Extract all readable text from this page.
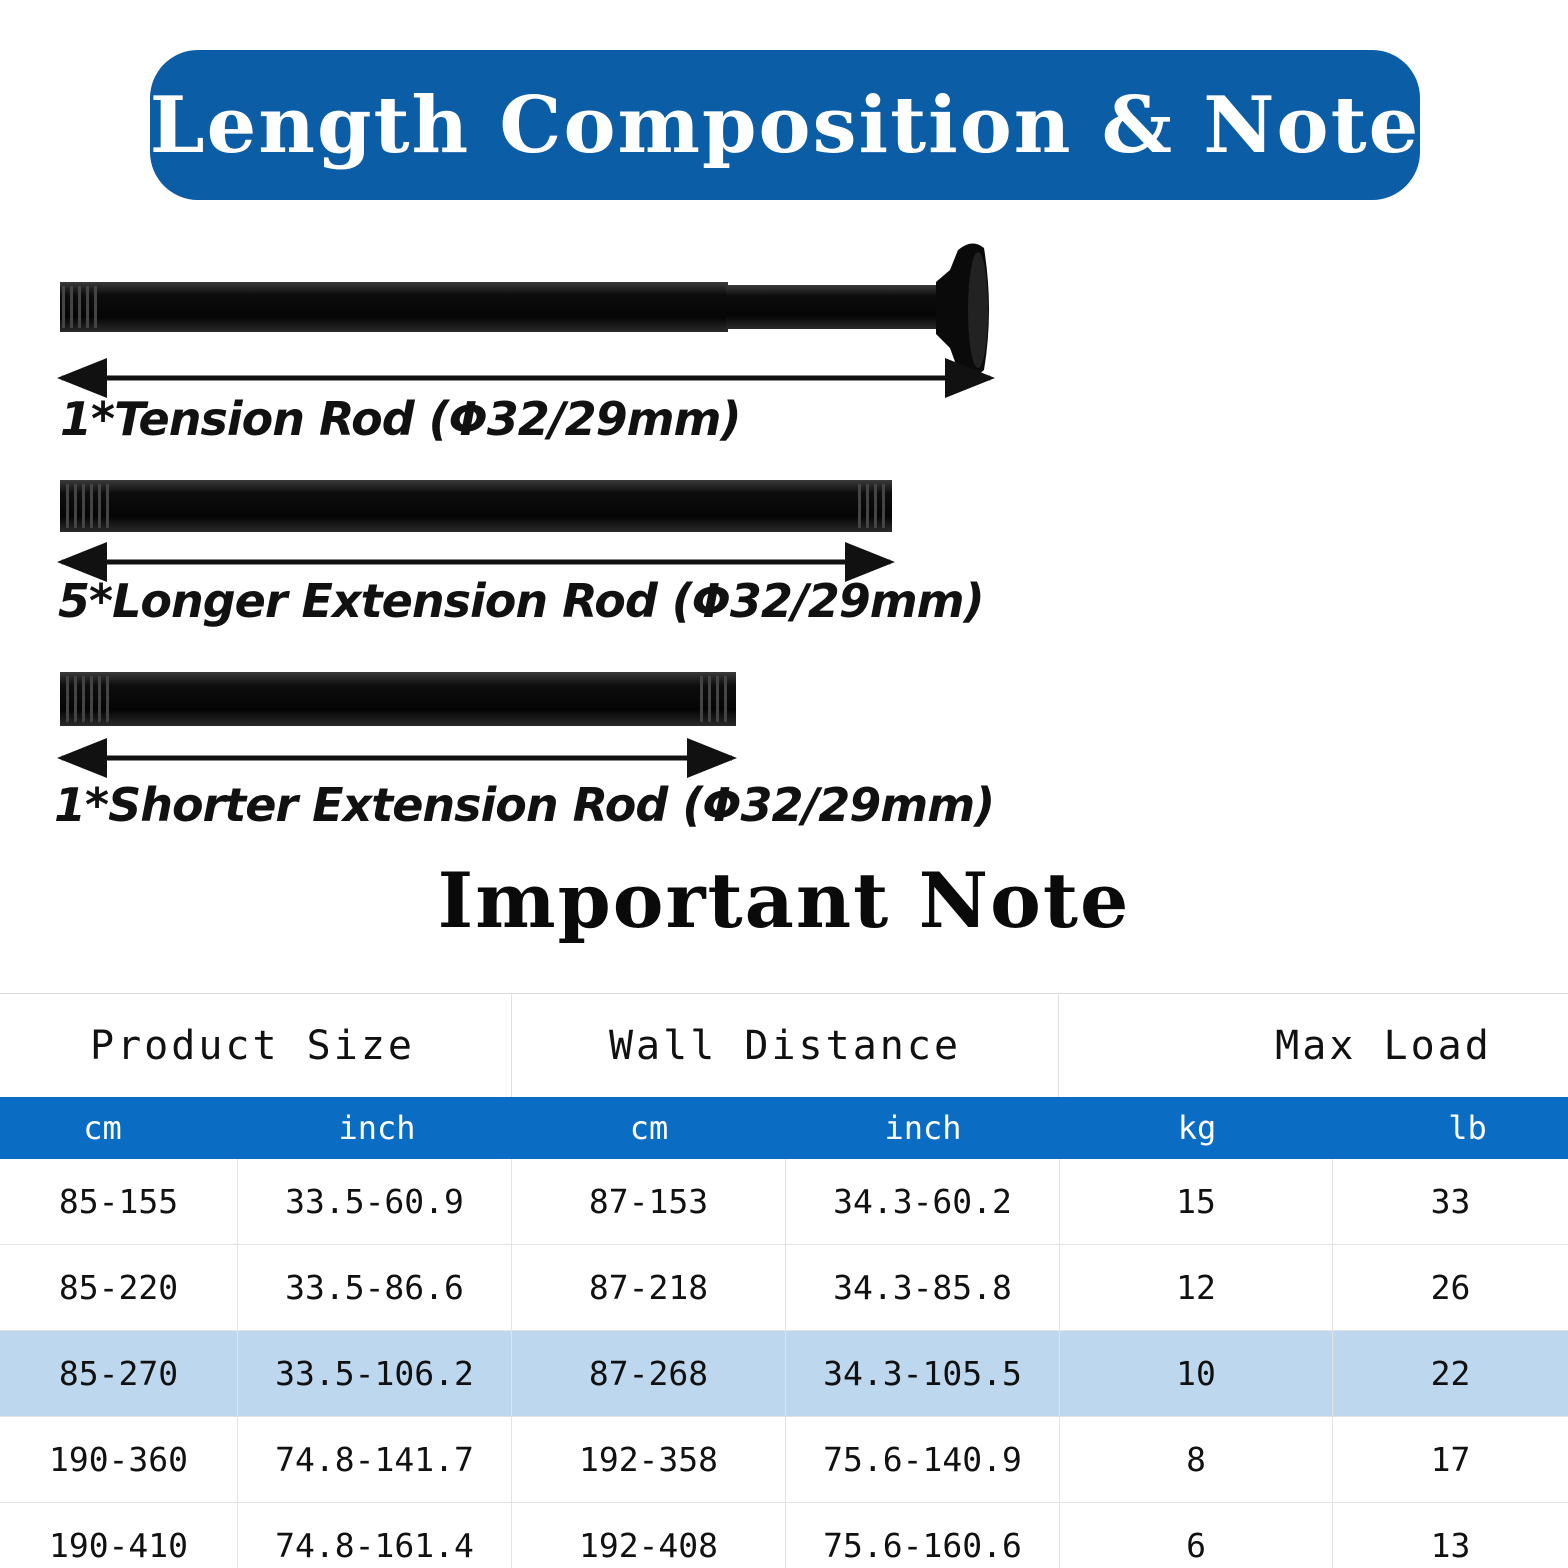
Length Composition & Note
1*Tension Rod (Φ32/29mm)
5*Longer Extension Rod (Φ32/29mm)
1*Shorter Extension Rod (Φ32/29mm)
Important Note
Product Size	Wall Distance	Max Load
cm	inch	cm	inch	kg	lb
85-155	33.5-60.9	87-153	34.3-60.2	15	33
85-220	33.5-86.6	87-218	34.3-85.8	12	26
85-270	33.5-106.2	87-268	34.3-105.5	10	22
190-360	74.8-141.7	192-358	75.6-140.9	8	17
190-410	74.8-161.4	192-408	75.6-160.6	6	13
